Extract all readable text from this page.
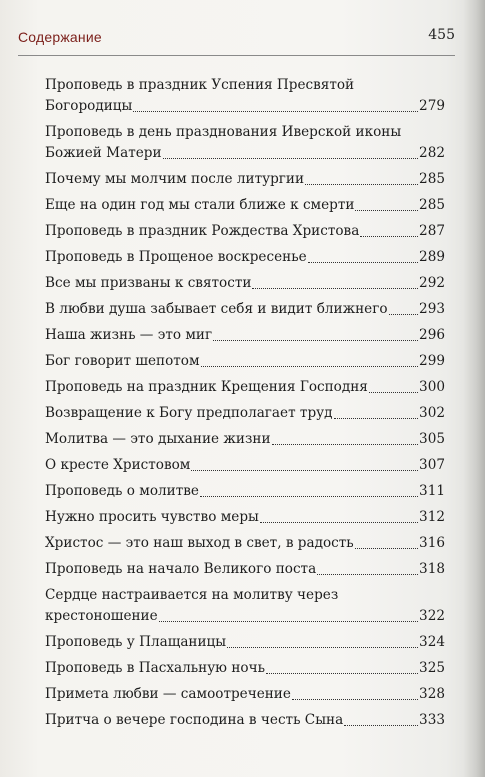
Содержание	455
Проповедь в праздник Успения Пресвятой
Богородицы	279
Проповедь в день празднования Иверской иконы
Божией Матери	282
Почему мы молчим после литургии	285
Еще на один год мы стали ближе к смерти	285
Проповедь в праздник Рождества Христова	287
Проповедь в Прощеное воскресенье	289
Все мы призваны к святости	292
В любви душа забывает себя и видит ближнего 293
Наша жизнь — это миг	296
Бог говорит шепотом	299
Проповедь на праздник Крещения Господня	300
Возвращение к Богу предполагает труд	302
Молитва — это дыхание жизни	305
О кресте Христовом	307
Проповедь о молитве	311
Нужно просить чувство меры	312
Христос — это наш выход в свет, в радость	316
Проповедь на начало Великого поста	318
Сердце настраивается на молитву через
крестоношение	322
Проповедь у Плащаницы	324
Проповедь в Пасхальную ночь	325
Примета любви — самоотречение	328
Притча о вечере господина в честь Сына	333
